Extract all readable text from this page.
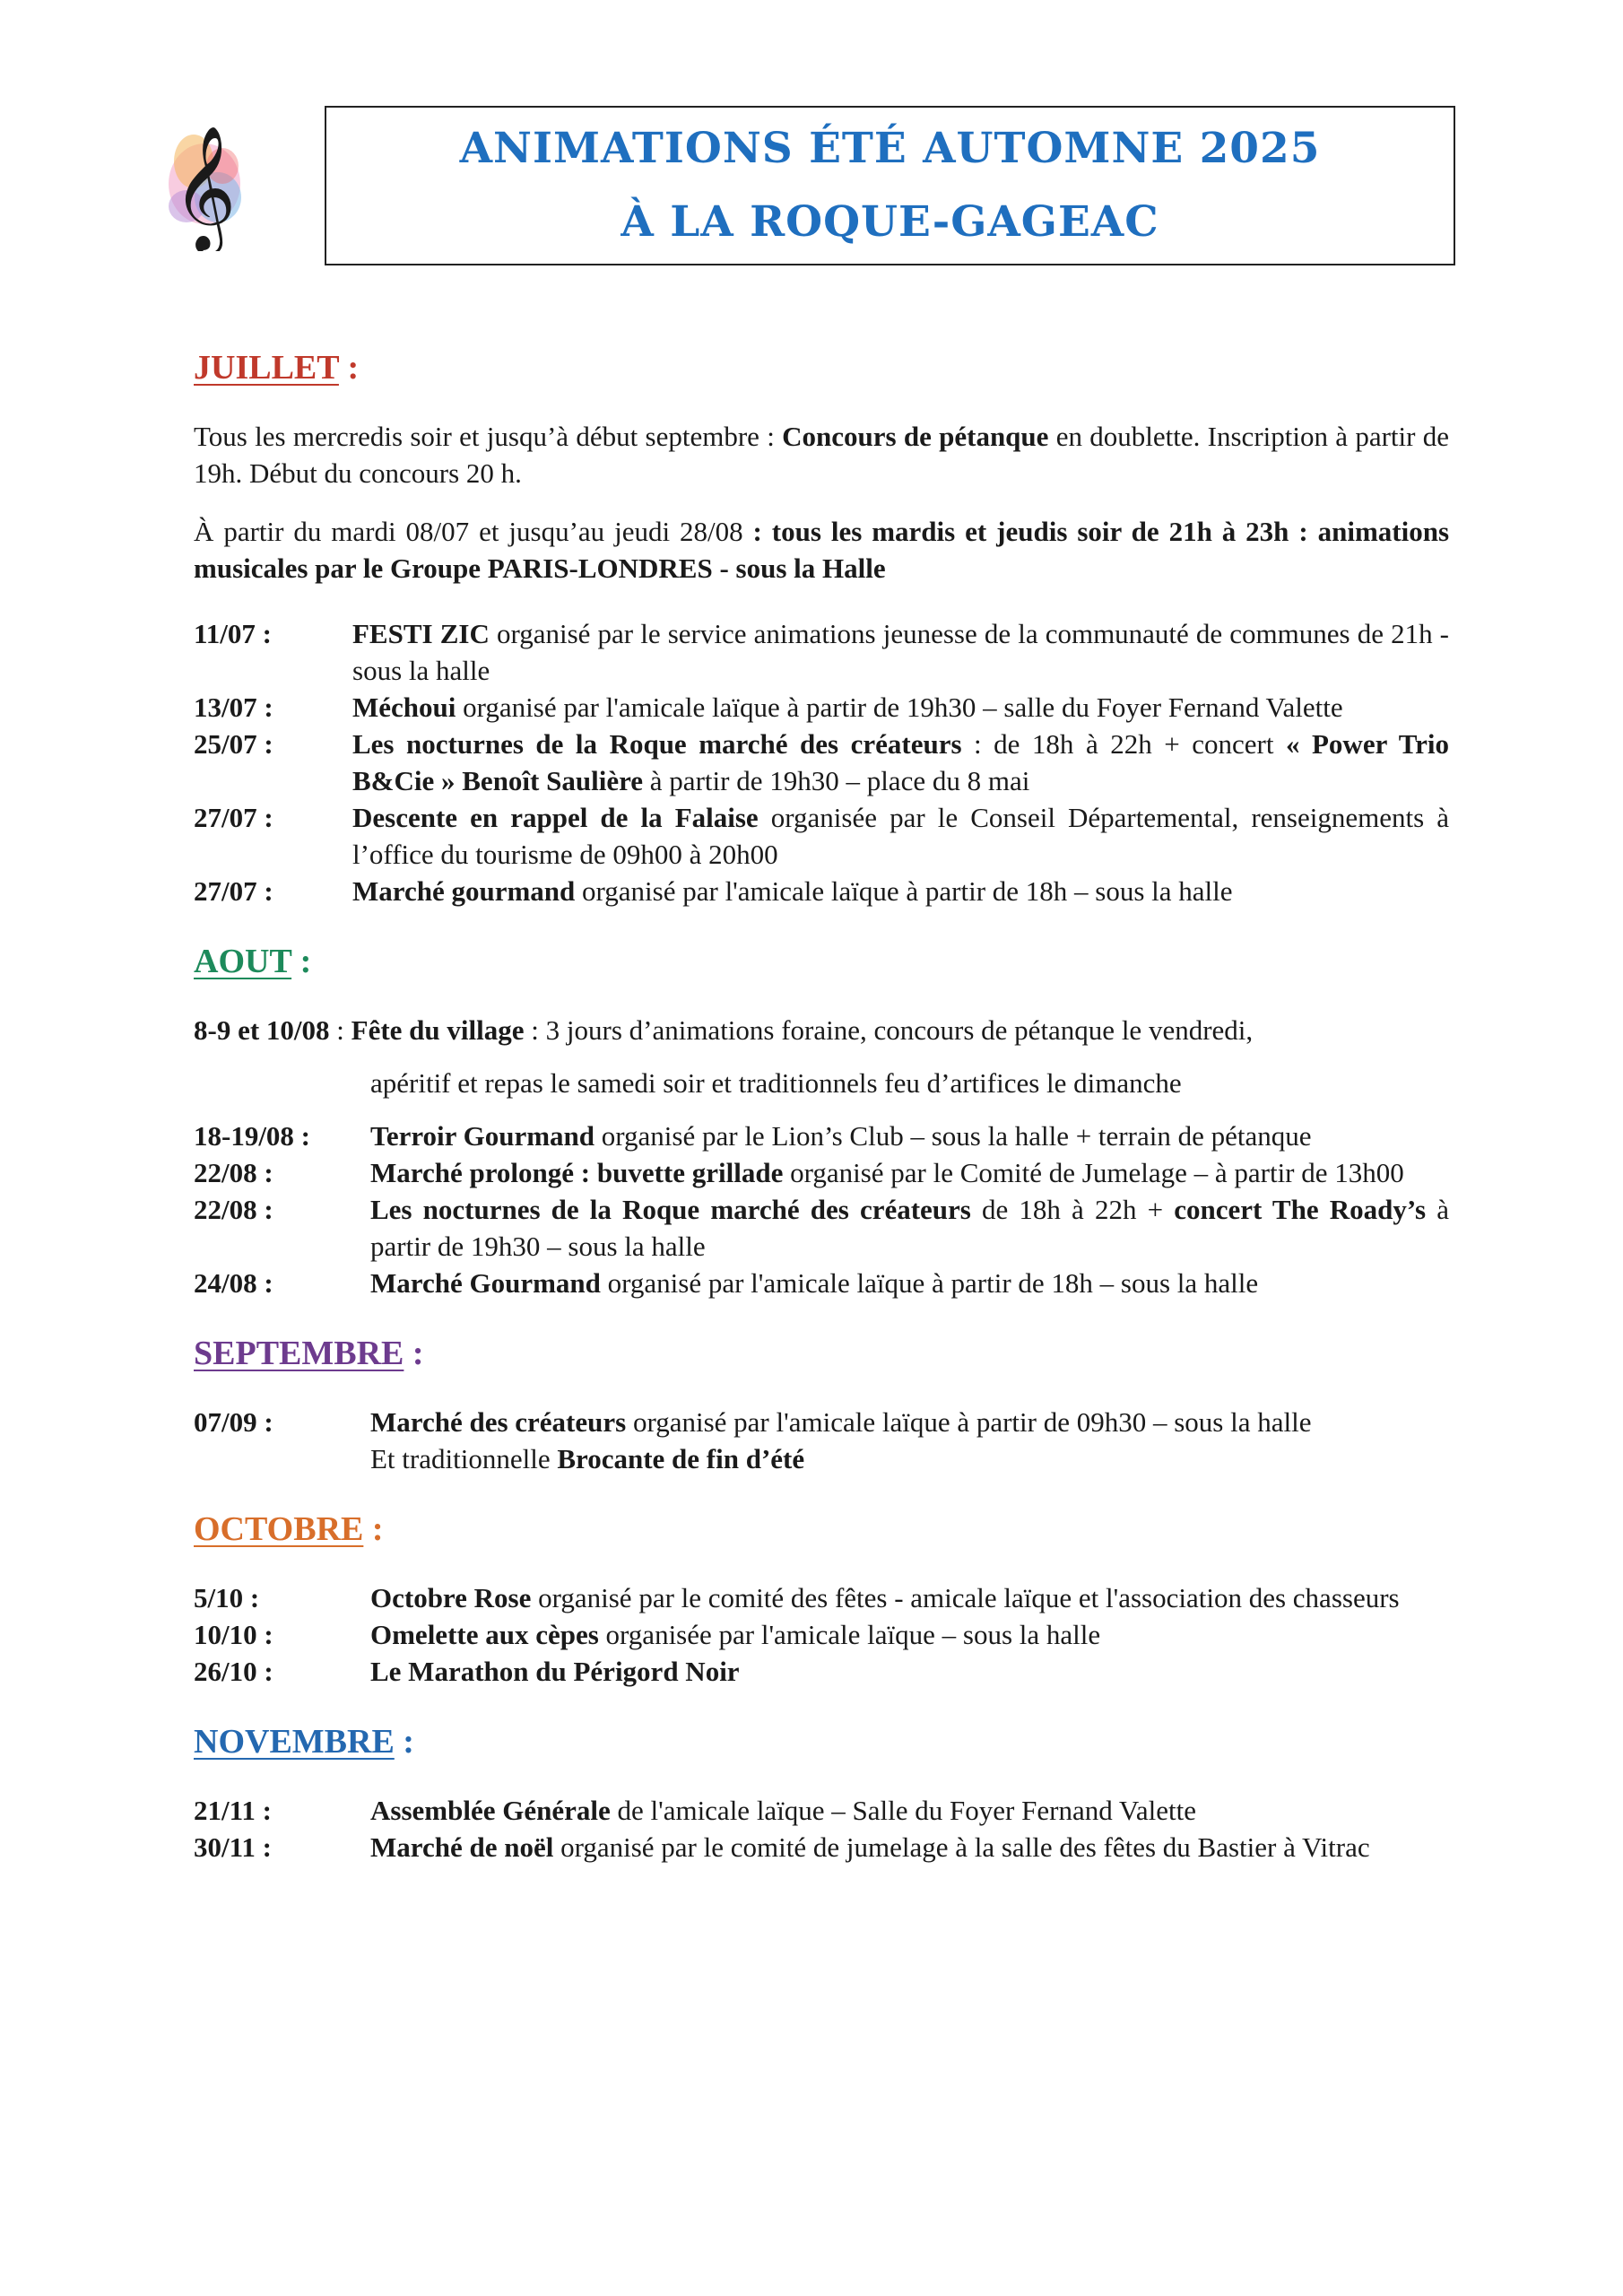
𝄞	ANIMATIONS ÉTÉ AUTOMNE 2025
À LA ROQUE-GAGEAC
JUILLET :

Tous les mercredis soir et jusqu’à début septembre : Concours de pétanque en doublette. Inscription à partir de 19h. Début du concours 20 h.

À partir du mardi 08/07 et jusqu’au jeudi 28/08 : tous les mardis et jeudis soir de 21h à 23h : animations musicales par le Groupe PARIS-LONDRES - sous la Halle

11/07 :	FESTI ZIC organisé par le service animations jeunesse de la communauté de communes de 21h - sous la halle
13/07 :	Méchoui organisé par l'amicale laïque à partir de 19h30 – salle du Foyer Fernand Valette
25/07 :	Les nocturnes de la Roque marché des créateurs : de 18h à 22h + concert « Power Trio B&Cie » Benoît Saulière à partir de 19h30 – place du 8 mai
27/07 :	Descente en rappel de la Falaise organisée par le Conseil Départemental, renseignements à l’office du tourisme de 09h00 à 20h00
27/07 :	Marché gourmand organisé par l'amicale laïque à partir de 18h – sous la halle
AOUT :
8-9 et 10/08 : Fête du village : 3 jours d’animations foraine, concours de pétanque le vendredi,
apéritif et repas le samedi soir et traditionnels feu d’artifices le dimanche
18-19/08 :	Terroir Gourmand organisé par le Lion’s Club – sous la halle + terrain de pétanque
22/08 :	Marché prolongé : buvette grillade organisé par le Comité de Jumelage – à partir de 13h00
22/08 :	Les nocturnes de la Roque marché des créateurs de 18h à 22h + concert The Roady’s à partir de 19h30 – sous la halle
24/08 :	Marché Gourmand organisé par l'amicale laïque à partir de 18h – sous la halle
SEPTEMBRE :
07/09 :	Marché des créateurs organisé par l'amicale laïque à partir de 09h30 – sous la halle
Et traditionnelle Brocante de fin d’été
OCTOBRE :
5/10 :	Octobre Rose organisé par le comité des fêtes - amicale laïque et l'association des chasseurs
10/10 :	Omelette aux cèpes organisée par l'amicale laïque – sous la halle
26/10 :	Le Marathon du Périgord Noir
NOVEMBRE :
21/11 :	Assemblée Générale de l'amicale laïque – Salle du Foyer Fernand Valette
30/11 :	Marché de noël organisé par le comité de jumelage à la salle des fêtes du Bastier à Vitrac
